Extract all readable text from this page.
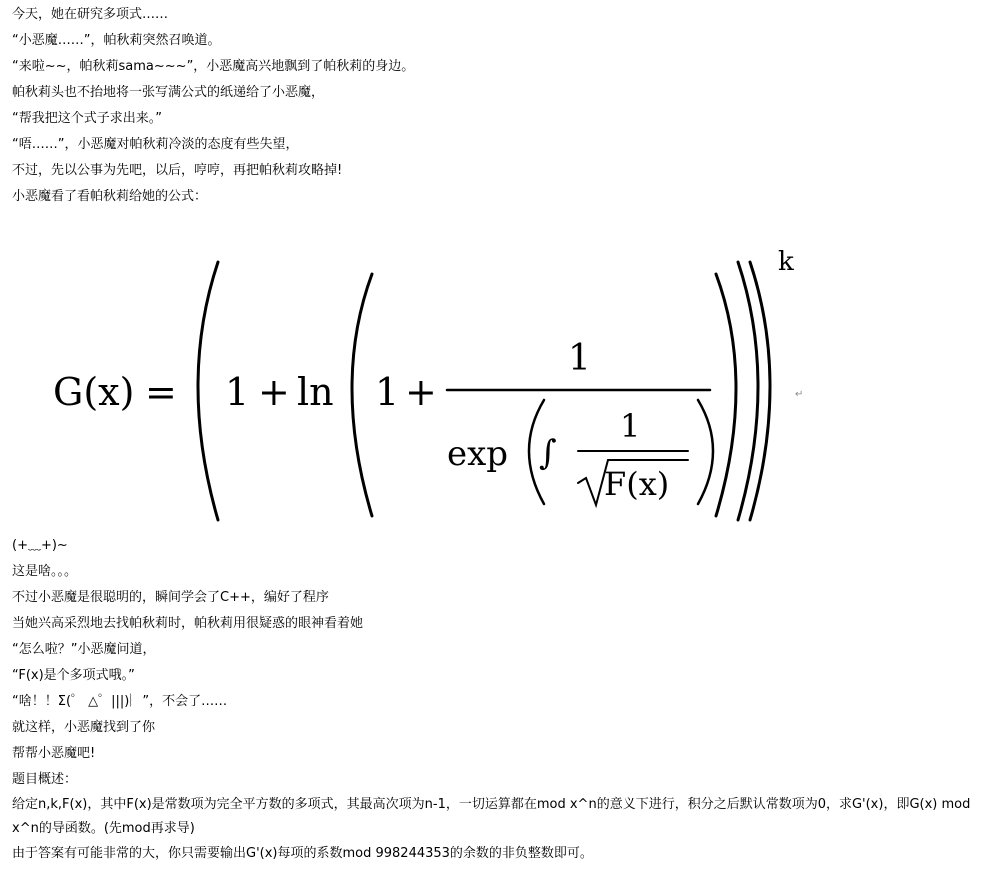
今天，她在研究多项式……
“小恶魔……”，帕秋莉突然召唤道。
“来啦~~，帕秋莉sama~~~”，小恶魔高兴地飘到了帕秋莉的身边。
帕秋莉头也不抬地将一张写满公式的纸递给了小恶魔，
“帮我把这个式子求出来。”
“唔……”，小恶魔对帕秋莉冷淡的态度有些失望，
不过，先以公事为先吧，以后，哼哼，再把帕秋莉攻略掉!
小恶魔看了看帕秋莉给她的公式：
G(x) = 1 + ln 1 +
1
exp ∫
1
F(x)
k
↵
(+﹏+)~
这是啥。。。
不过小恶魔是很聪明的，瞬间学会了C++，编好了程序
当她兴高采烈地去找帕秋莉时，帕秋莉用很疑惑的眼神看着她
“怎么啦？”小恶魔问道，
“F(x)是个多项式哦。”
“啥！！Σ(゜ △゜|||)︴”，不会了……
就这样，小恶魔找到了你
帮帮小恶魔吧!
题目概述：
给定n,k,F(x)，其中F(x)是常数项为完全平方数的多项式，其最高次项为n-1，一切运算都在mod x^n的意义下进行，积分之后默认常数项为0，求G'(x)，即G(x) mod x^n的导函数。(先mod再求导)
由于答案有可能非常的大，你只需要输出G'(x)每项的系数mod 998244353的余数的非负整数即可。
